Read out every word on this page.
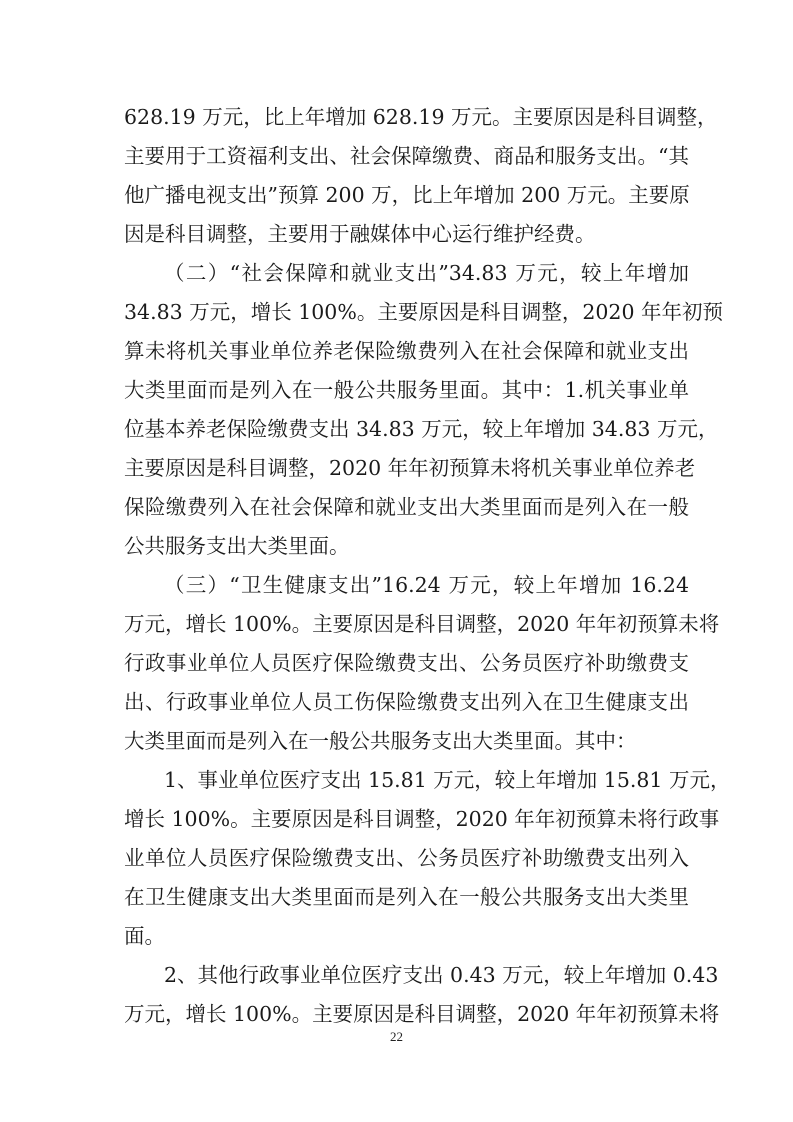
628.19 万元，比上年增加 628.19 万元。主要原因是科目调整，
主要用于工资福利支出、社会保障缴费、商品和服务支出。“其
他广播电视支出”预算 200 万，比上年增加 200 万元。主要原
因是科目调整，主要用于融媒体中心运行维护经费。
（二）“社会保障和就业支出”34.83 万元，较上年增加
34.83 万元，增长 100%。主要原因是科目调整，2020 年年初预
算未将机关事业单位养老保险缴费列入在社会保障和就业支出
大类里面而是列入在一般公共服务里面。其中：1.机关事业单
位基本养老保险缴费支出 34.83 万元，较上年增加 34.83 万元，
主要原因是科目调整，2020 年年初预算未将机关事业单位养老
保险缴费列入在社会保障和就业支出大类里面而是列入在一般
公共服务支出大类里面。
（三）“卫生健康支出”16.24 万元，较上年增加 16.24
万元，增长 100%。主要原因是科目调整，2020 年年初预算未将
行政事业单位人员医疗保险缴费支出、公务员医疗补助缴费支
出、行政事业单位人员工伤保险缴费支出列入在卫生健康支出
大类里面而是列入在一般公共服务支出大类里面。其中：
1、事业单位医疗支出 15.81 万元，较上年增加 15.81 万元，
增长 100%。主要原因是科目调整，2020 年年初预算未将行政事
业单位人员医疗保险缴费支出、公务员医疗补助缴费支出列入
在卫生健康支出大类里面而是列入在一般公共服务支出大类里
面。
2、其他行政事业单位医疗支出 0.43 万元，较上年增加 0.43
万元，增长 100%。主要原因是科目调整，2020 年年初预算未将
22
